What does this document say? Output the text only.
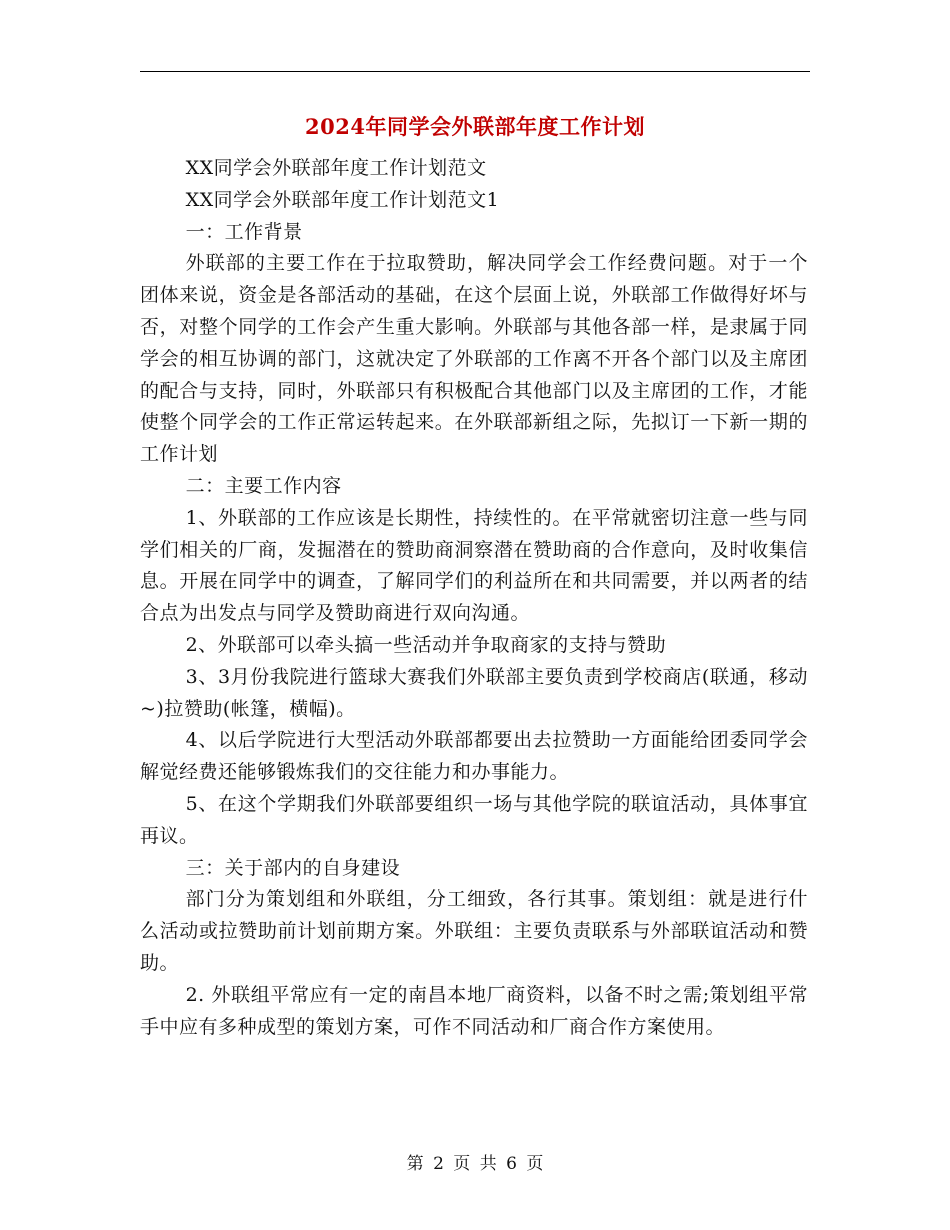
2024年同学会外联部年度工作计划

XX同学会外联部年度工作计划范文

XX同学会外联部年度工作计划范文1

一：工作背景

外联部的主要工作在于拉取赞助，解决同学会工作经费问题。对于一个团体来说，资金是各部活动的基础，在这个层面上说，外联部工作做得好坏与否，对整个同学的工作会产生重大影响。外联部与其他各部一样，是隶属于同学会的相互协调的部门，这就决定了外联部的工作离不开各个部门以及主席团的配合与支持，同时，外联部只有积极配合其他部门以及主席团的工作，才能使整个同学会的工作正常运转起来。在外联部新组之际，先拟订一下新一期的工作计划

二：主要工作内容

1、外联部的工作应该是长期性，持续性的。在平常就密切注意一些与同学们相关的厂商，发掘潜在的赞助商洞察潜在赞助商的合作意向，及时收集信息。开展在同学中的调查，了解同学们的利益所在和共同需要，并以两者的结合点为出发点与同学及赞助商进行双向沟通。

2、外联部可以牵头搞一些活动并争取商家的支持与赞助

3、3月份我院进行篮球大赛我们外联部主要负责到学校商店(联通，移动~)拉赞助(帐篷，横幅)。

4、以后学院进行大型活动外联部都要出去拉赞助一方面能给团委同学会解觉经费还能够锻炼我们的交往能力和办事能力。

5、在这个学期我们外联部要组织一场与其他学院的联谊活动，具体事宜再议。

三：关于部内的自身建设

部门分为策划组和外联组，分工细致，各行其事。策划组：就是进行什么活动或拉赞助前计划前期方案。外联组：主要负责联系与外部联谊活动和赞助。

2. 外联组平常应有一定的南昌本地厂商资料，以备不时之需;策划组平常手中应有多种成型的策划方案，可作不同活动和厂商合作方案使用。

第 2 页 共 6 页
